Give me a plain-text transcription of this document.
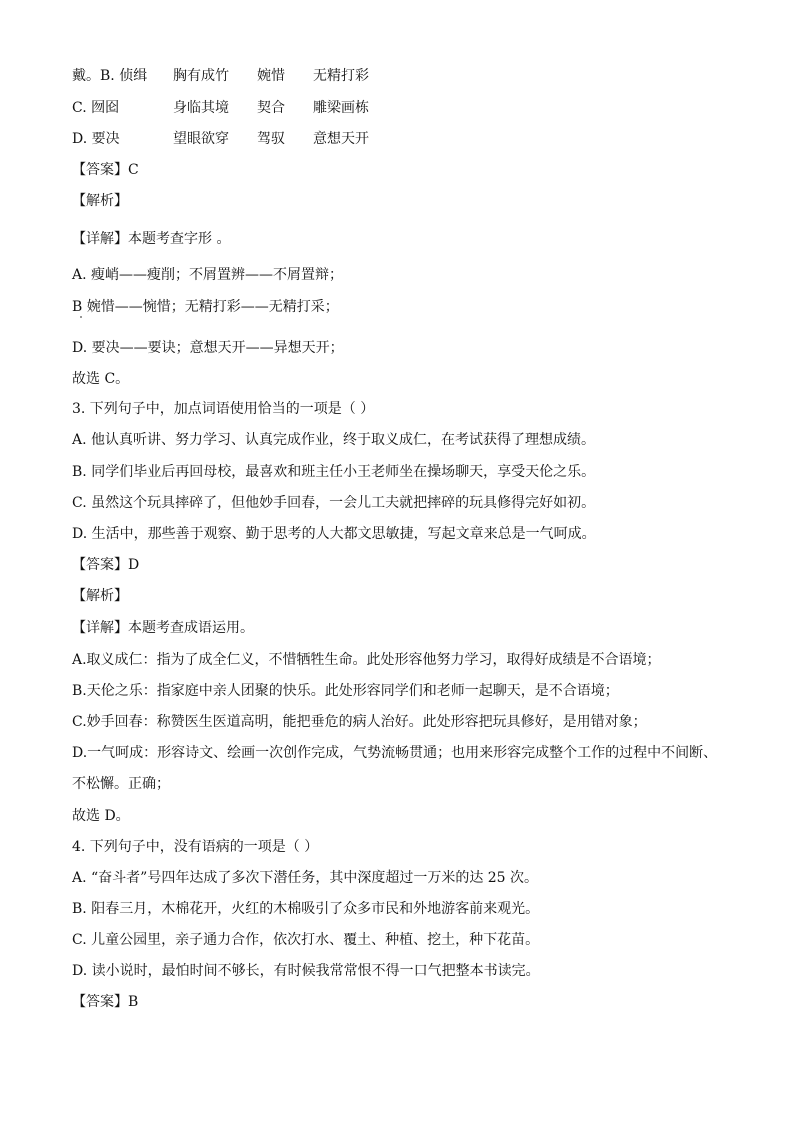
戴。B. 侦缉	胸有成竹	婉惜	无精打彩
C. 囫囵	身临其境	契合	雕梁画栋
D. 要决	望眼欲穿	驾驭	意想天开
【答案】C
【解析】
【详解】本题考查字形 。
A. 瘦峭——瘦削；不屑置辨——不屑置辩；
B 婉惜——惋惜；无精打彩——无精打采；
D. 要决——要诀；意想天开——异想天开；
故选 C。
3. 下列句子中，加点词语使用恰当的一项是（ ）
A. 他认真听讲、努力学习、认真完成作业，终于取义成仁，在考试获得了理想成绩。
B. 同学们毕业后再回母校，最喜欢和班主任小王老师坐在操场聊天，享受天伦之乐。
C. 虽然这个玩具摔碎了，但他妙手回春，一会儿工夫就把摔碎的玩具修得完好如初。
D. 生活中，那些善于观察、勤于思考的人大都文思敏捷，写起文章来总是一气呵成。
【答案】D
【解析】
【详解】本题考查成语运用。
A.取义成仁：指为了成全仁义，不惜牺牲生命。此处形容他努力学习，取得好成绩是不合语境；
B.天伦之乐：指家庭中亲人团聚的快乐。此处形容同学们和老师一起聊天，是不合语境；
C.妙手回春：称赞医生医道高明，能把垂危的病人治好。此处形容把玩具修好，是用错对象；
D.一气呵成：形容诗文、绘画一次创作完成，气势流畅贯通；也用来形容完成整个工作的过程中不间断、
不松懈。正确；
故选 D。
4. 下列句子中，没有语病的一项是（ ）
A. “奋斗者”号四年达成了多次下潜任务，其中深度超过一万米的达 25 次。
B. 阳春三月，木棉花开，火红的木棉吸引了众多市民和外地游客前来观光。
C. 儿童公园里，亲子通力合作，依次打水、覆土、种植、挖土，种下花苗。
D. 读小说时，最怕时间不够长，有时候我常常恨不得一口气把整本书读完。
【答案】B
